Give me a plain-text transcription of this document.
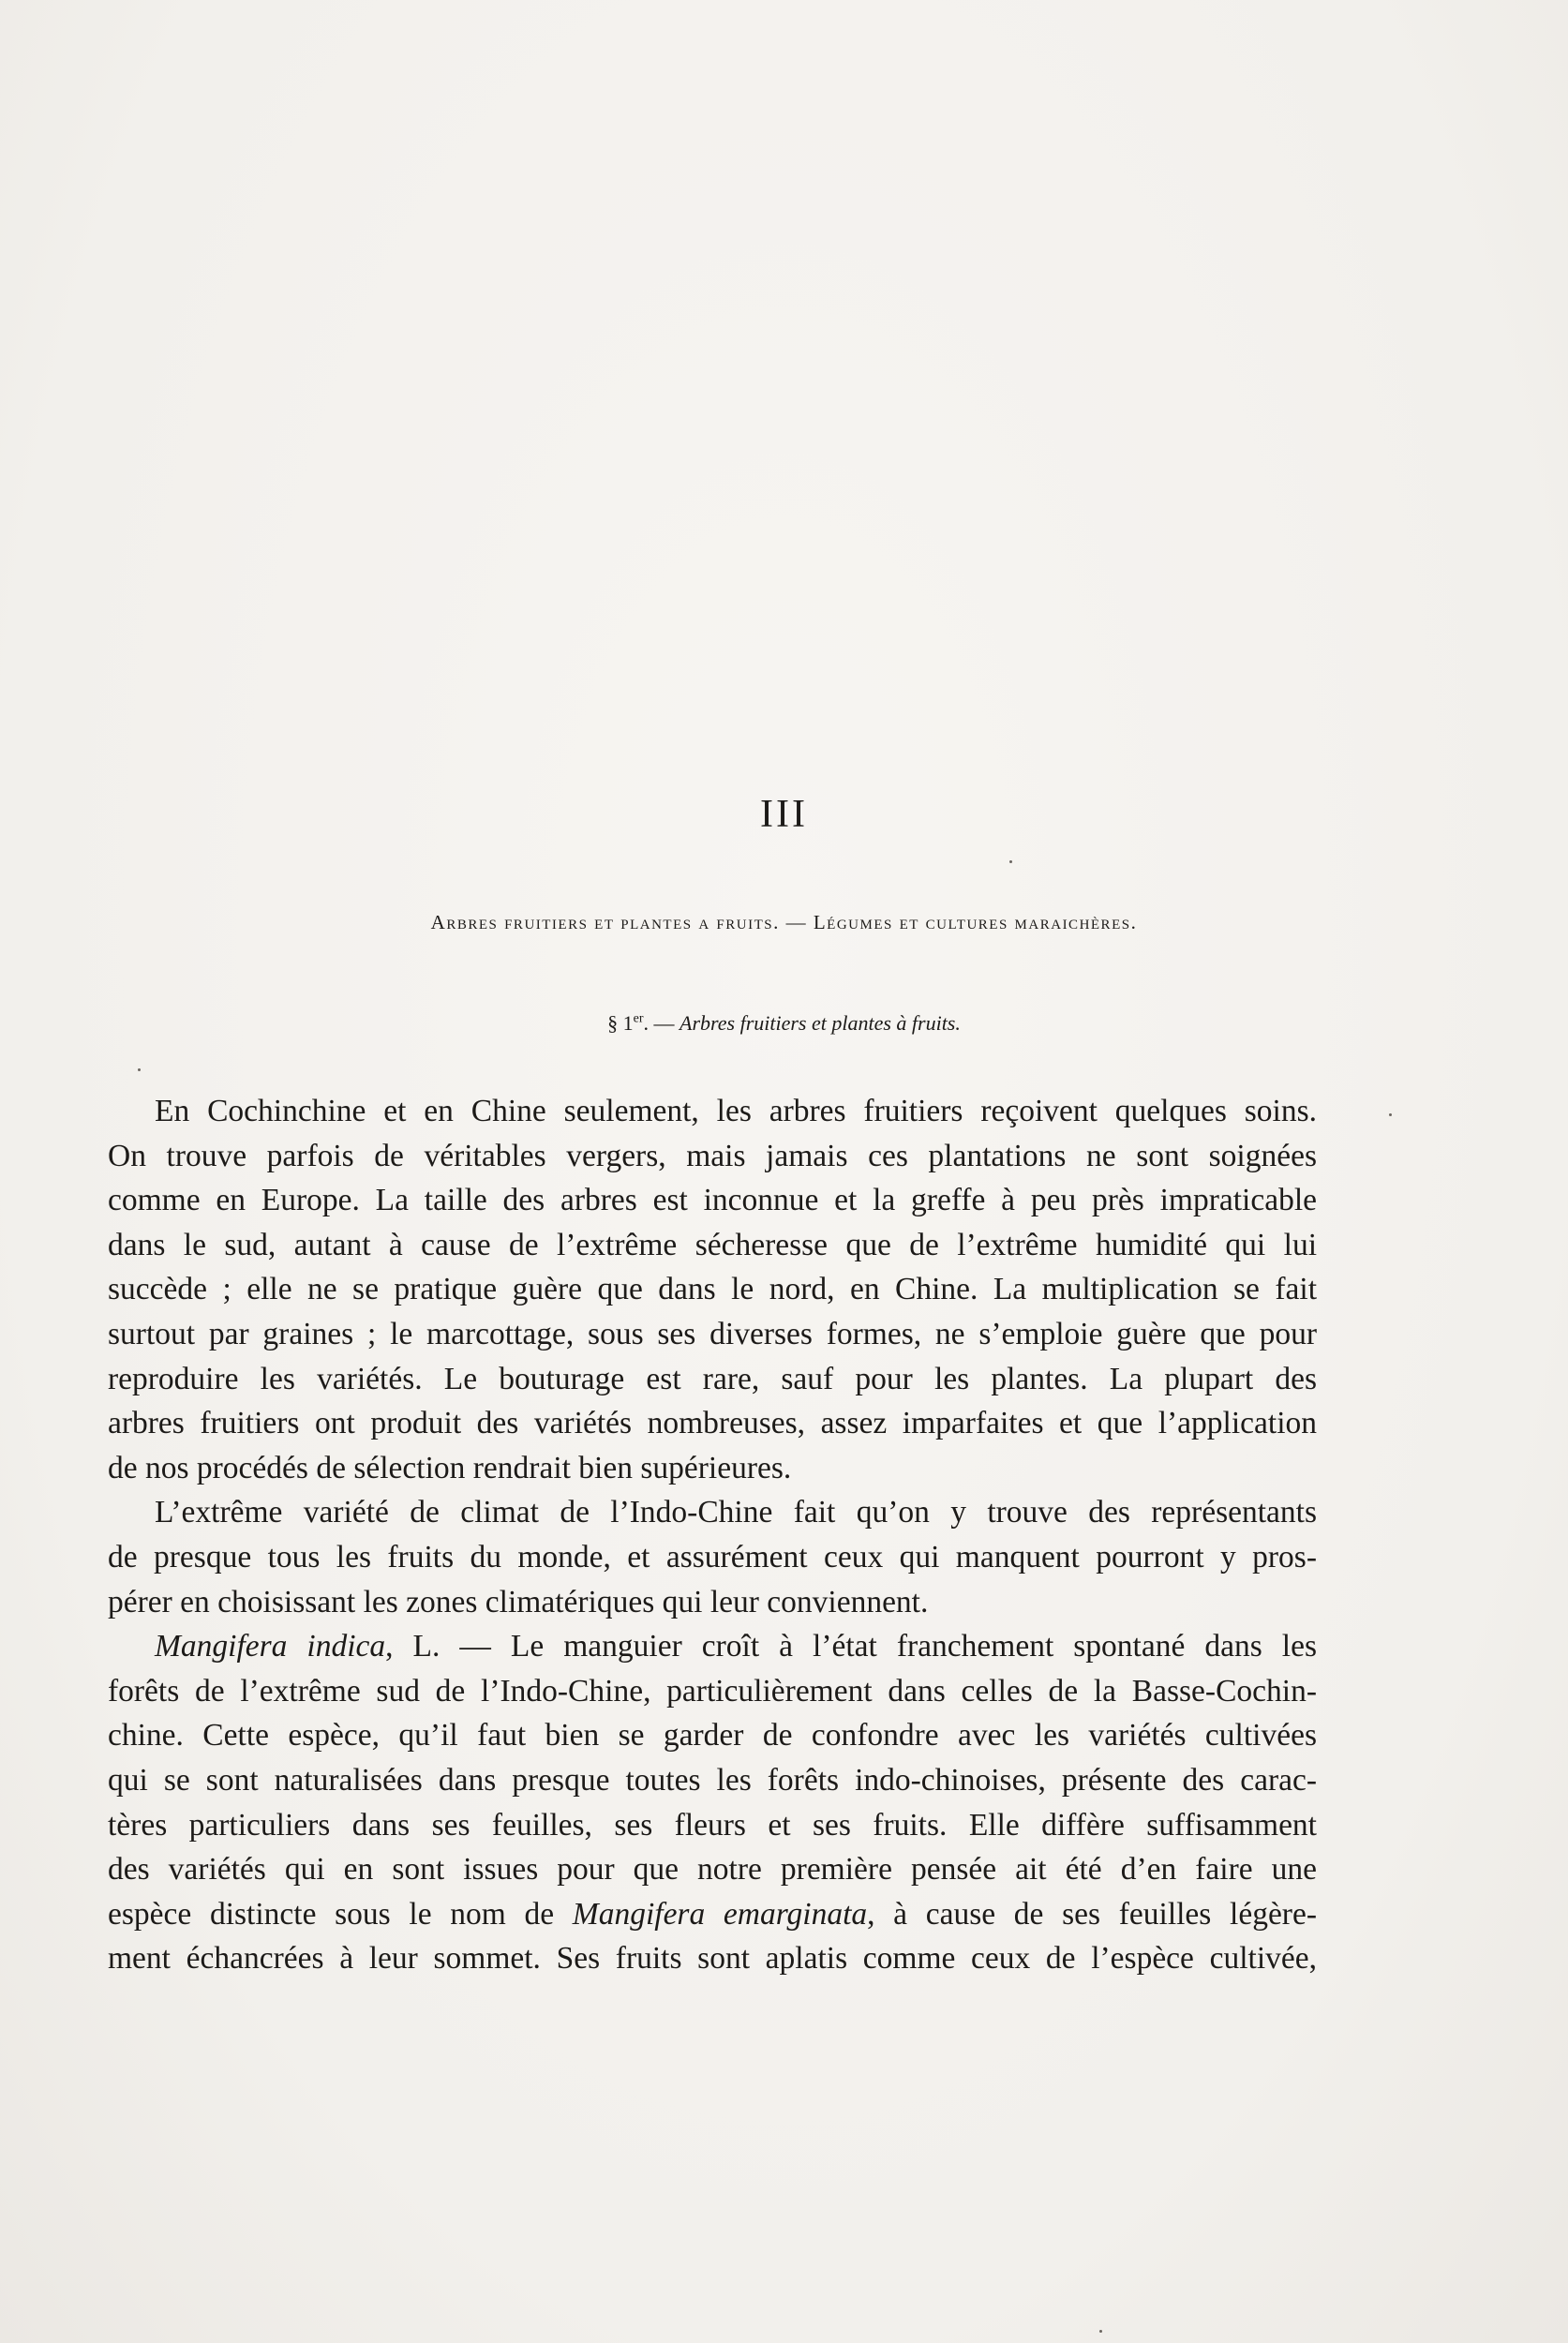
III
Arbres fruitiers et plantes a fruits. — Légumes et cultures maraichères.
§ 1er. — Arbres fruitiers et plantes à fruits.
En Cochinchine et en Chine seulement, les arbres fruitiers reçoivent quelques soins.
On trouve parfois de véritables vergers, mais jamais ces plantations ne sont soignées
comme en Europe. La taille des arbres est inconnue et la greffe à peu près impraticable
dans le sud, autant à cause de l’extrême sécheresse que de l’extrême humidité qui lui
succède ; elle ne se pratique guère que dans le nord, en Chine. La multiplication se fait
surtout par graines ; le marcottage, sous ses diverses formes, ne s’emploie guère que pour
reproduire les variétés. Le bouturage est rare, sauf pour les plantes. La plupart des
arbres fruitiers ont produit des variétés nombreuses, assez imparfaites et que l’application
de nos procédés de sélection rendrait bien supérieures.
L’extrême variété de climat de l’Indo-Chine fait qu’on y trouve des représentants
de presque tous les fruits du monde, et assurément ceux qui manquent pourront y pros-
pérer en choisissant les zones climatériques qui leur conviennent.
Mangifera indica, L. — Le manguier croît à l’état franchement spontané dans les
forêts de l’extrême sud de l’Indo-Chine, particulièrement dans celles de la Basse-Cochin-
chine. Cette espèce, qu’il faut bien se garder de confondre avec les variétés cultivées
qui se sont naturalisées dans presque toutes les forêts indo-chinoises, présente des carac-
tères particuliers dans ses feuilles, ses fleurs et ses fruits. Elle diffère suffisamment
des variétés qui en sont issues pour que notre première pensée ait été d’en faire une
espèce distincte sous le nom de Mangifera emarginata, à cause de ses feuilles légère-
ment échancrées à leur sommet. Ses fruits sont aplatis comme ceux de l’espèce cultivée,
